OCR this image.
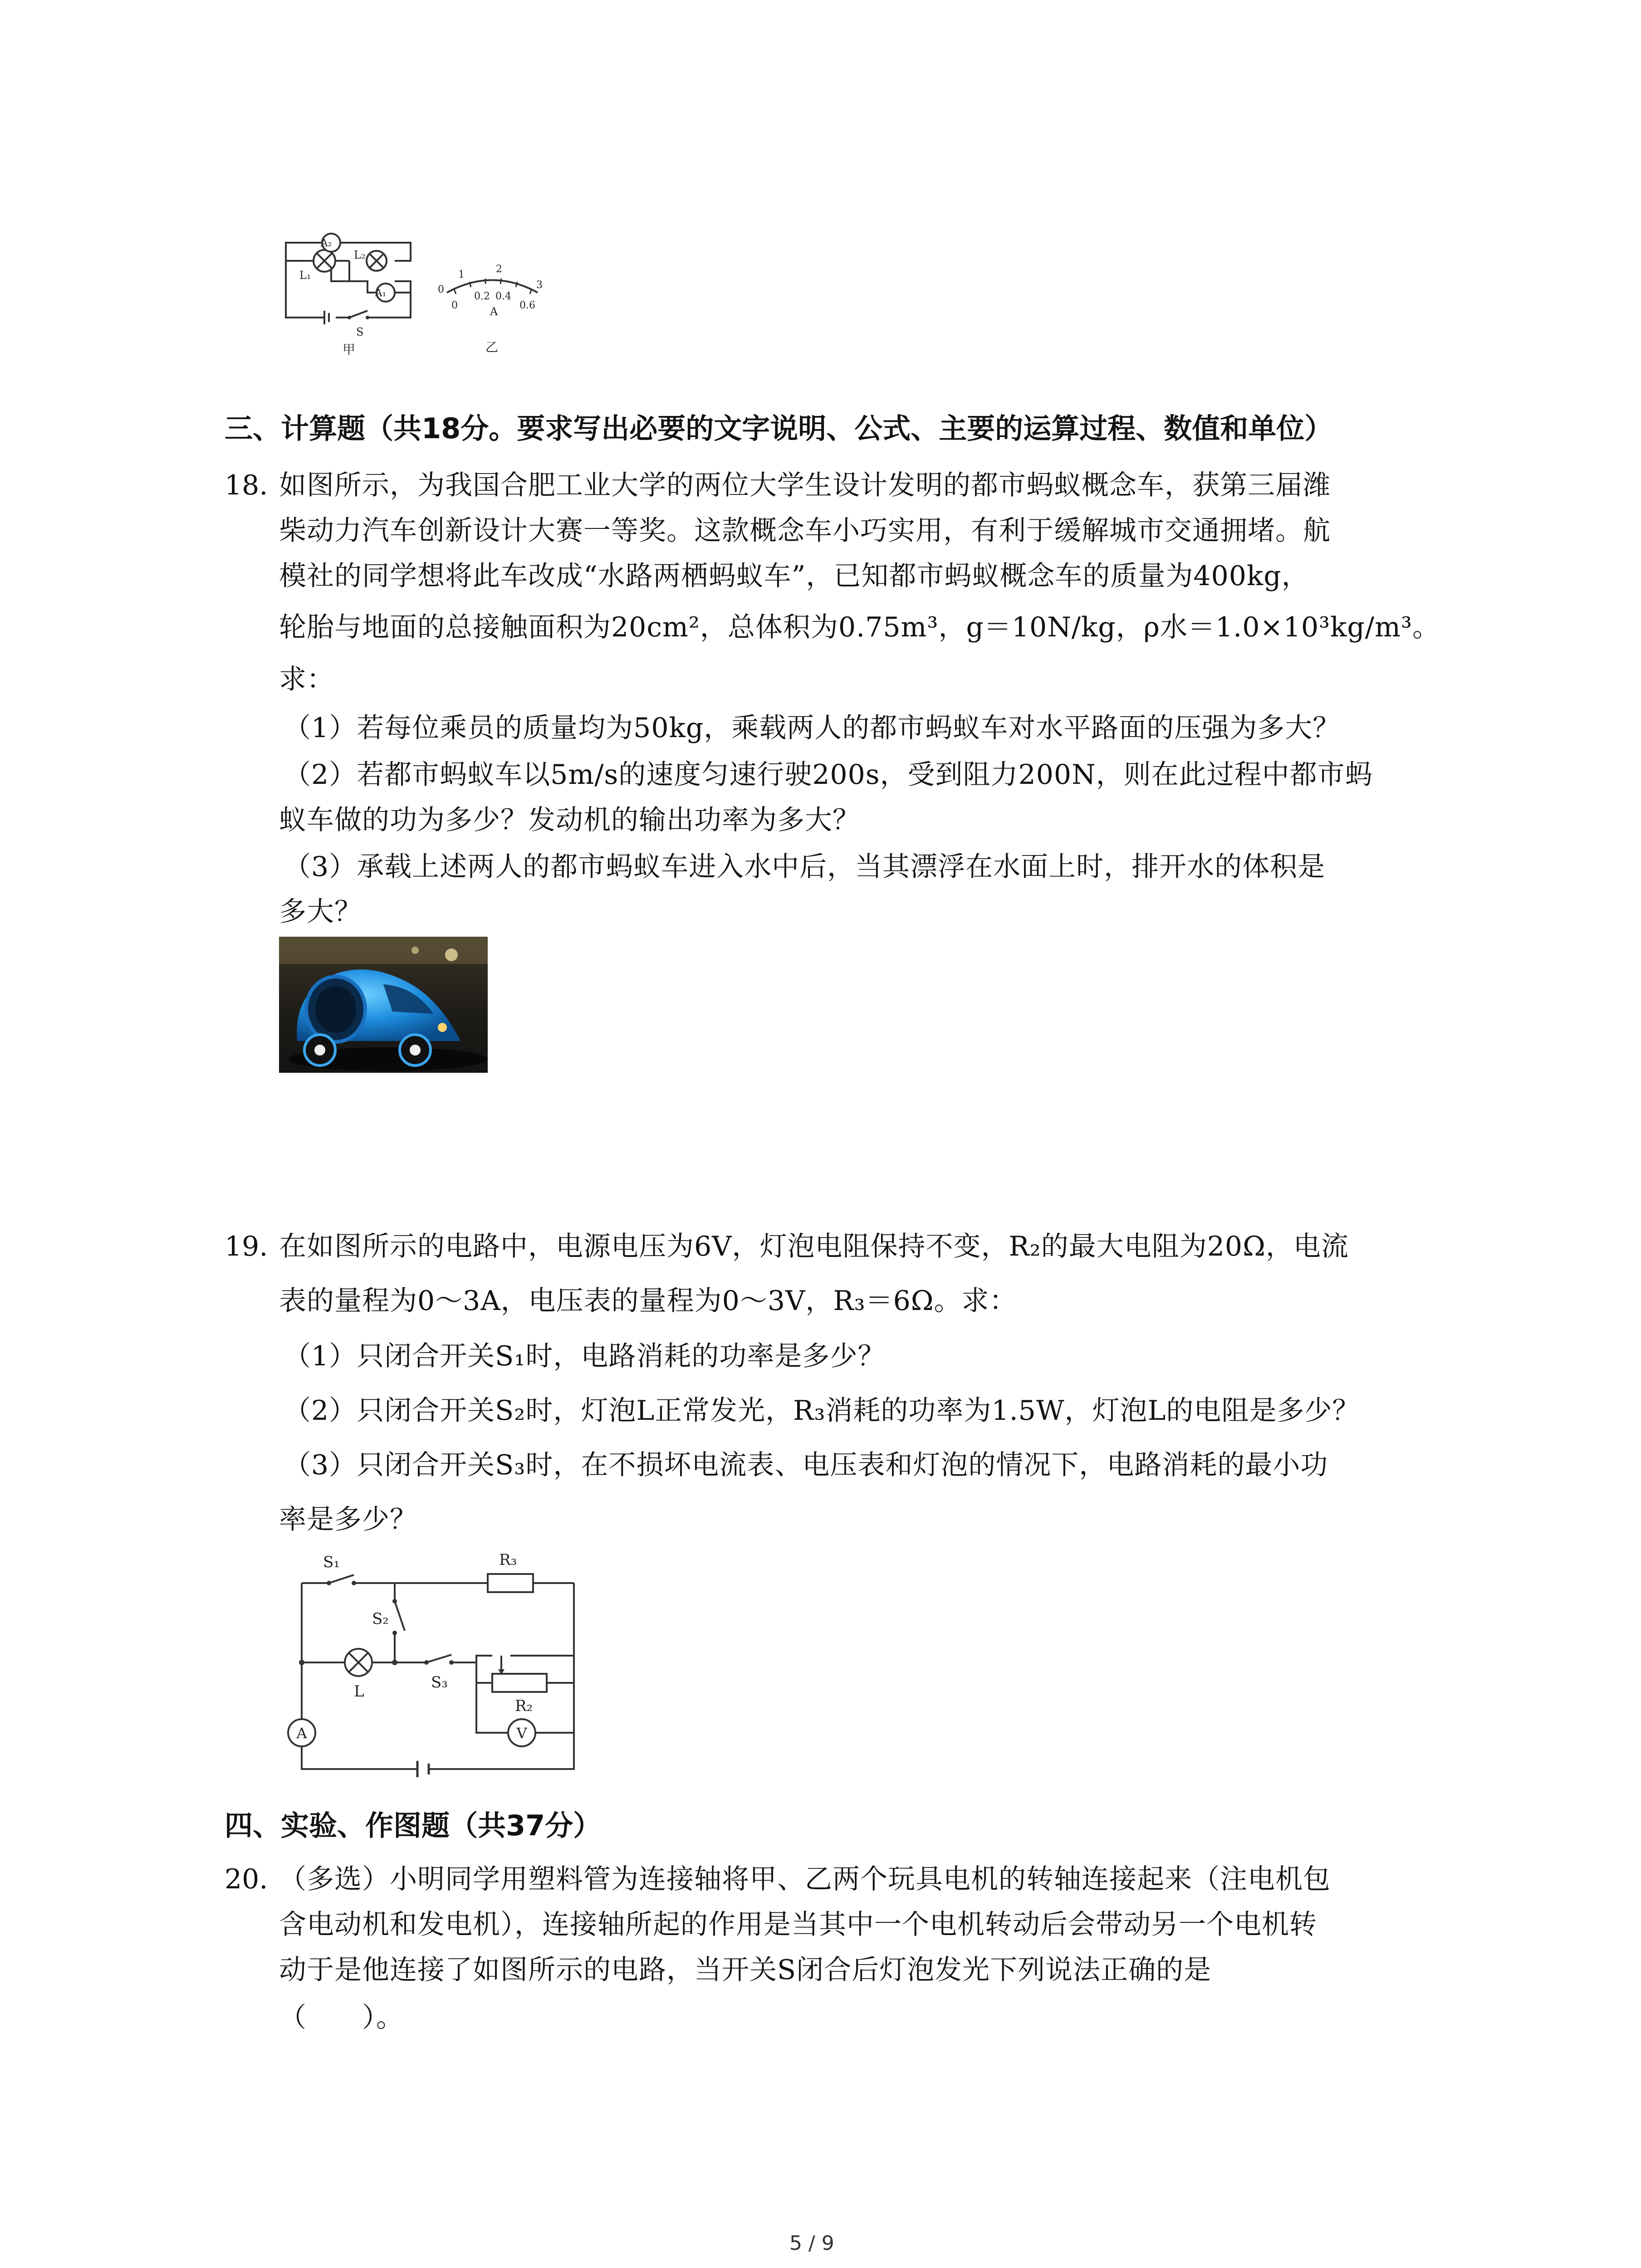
A₂
L₁
L₂
A₁
S
甲
1	2
3
0
0
0.2 0.4
0.6
A
乙
三、计算题（共18分。要求写出必要的文字说明、公式、主要的运算过程、数值和单位）
18. 如图所示，为我国合肥工业大学的两位大学生设计发明的都市蚂蚁概念车，获第三届潍
柴动力汽车创新设计大赛一等奖。这款概念车小巧实用，有利于缓解城市交通拥堵。航
模社的同学想将此车改成“水路两栖蚂蚁车”，已知都市蚂蚁概念车的质量为400kg，
轮胎与地面的总接触面积为20cm²，总体积为0.75m³，g＝10N/kg，ρ水＝1.0×10³kg/m³。
求：
（1）若每位乘员的质量均为50kg，乘载两人的都市蚂蚁车对水平路面的压强为多大？
（2）若都市蚂蚁车以5m/s的速度匀速行驶200s，受到阻力200N，则在此过程中都市蚂
蚁车做的功为多少？发动机的输出功率为多大？
（3）承载上述两人的都市蚂蚁车进入水中后，当其漂浮在水面上时，排开水的体积是
多大？
19. 在如图所示的电路中，电源电压为6V，灯泡电阻保持不变，R₂的最大电阻为20Ω，电流
表的量程为0～3A，电压表的量程为0～3V，R₃＝6Ω。求：
（1）只闭合开关S₁时，电路消耗的功率是多少？
（2）只闭合开关S₂时，灯泡L正常发光，R₃消耗的功率为1.5W，灯泡L的电阻是多少？
（3）只闭合开关S₃时，在不损坏电流表、电压表和灯泡的情况下，电路消耗的最小功
率是多少？
S₁	R₃
S₂
L	S₃
R₂
A	V
四、实验、作图题（共37分）
20. （多选）小明同学用塑料管为连接轴将甲、乙两个玩具电机的转轴连接起来（注电机包
含电动机和发电机），连接轴所起的作用是当其中一个电机转动后会带动另一个电机转
动于是他连接了如图所示的电路，当开关S闭合后灯泡发光下列说法正确的是
（　　）。
5 / 9
